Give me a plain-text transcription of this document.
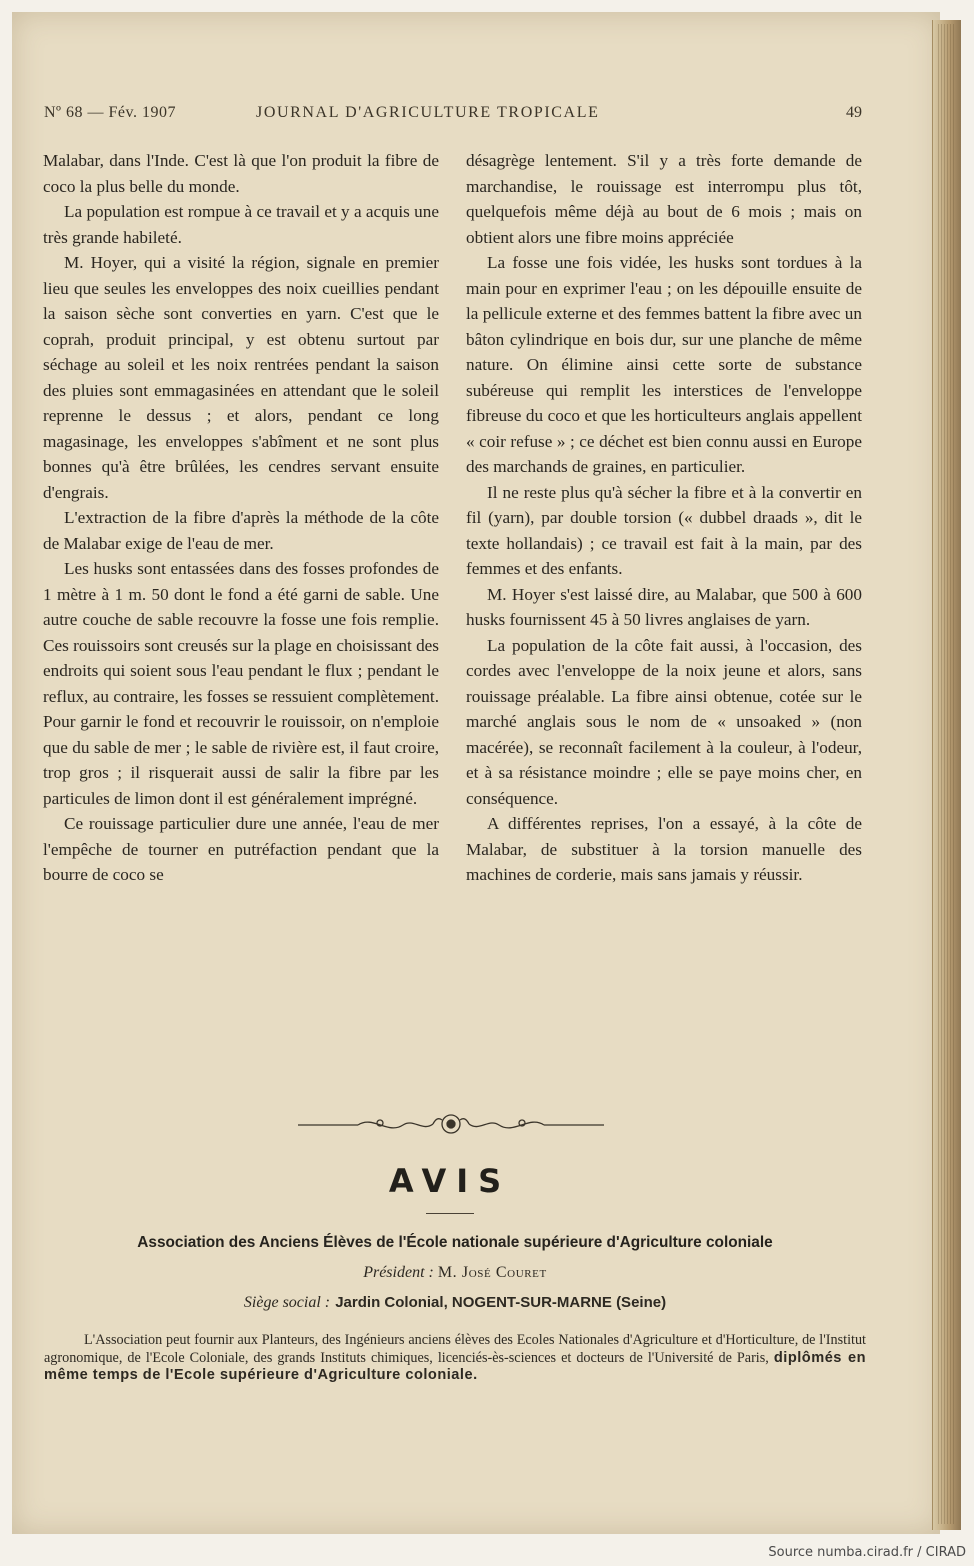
Nº 68 — Fév. 1907	JOURNAL D'AGRICULTURE TROPICALE	49

Malabar, dans l'Inde. C'est là que l'on produit la fibre de coco la plus belle du monde.

La population est rompue à ce travail et y a acquis une très grande habileté.

M. Hoyer, qui a visité la région, signale en premier lieu que seules les enveloppes des noix cueillies pendant la saison sèche sont converties en yarn. C'est que le coprah, produit principal, y est obtenu surtout par séchage au soleil et les noix rentrées pendant la saison des pluies sont emmagasinées en attendant que le soleil reprenne le dessus ; et alors, pendant ce long magasinage, les enveloppes s'abîment et ne sont plus bonnes qu'à être brûlées, les cendres servant ensuite d'engrais.

L'extraction de la fibre d'après la méthode de la côte de Malabar exige de l'eau de mer.

Les husks sont entassées dans des fosses profondes de 1 mètre à 1 m. 50 dont le fond a été garni de sable. Une autre couche de sable recouvre la fosse une fois remplie. Ces rouissoirs sont creusés sur la plage en choisissant des endroits qui soient sous l'eau pendant le flux ; pendant le reflux, au contraire, les fosses se ressuient complètement. Pour garnir le fond et recouvrir le rouissoir, on n'emploie que du sable de mer ; le sable de rivière est, il faut croire, trop gros ; il risquerait aussi de salir la fibre par les particules de limon dont il est généralement imprégné.

Ce rouissage particulier dure une année, l'eau de mer l'empêche de tourner en putréfaction pendant que la bourre de coco se

désagrège lentement. S'il y a très forte demande de marchandise, le rouissage est interrompu plus tôt, quelquefois même déjà au bout de 6 mois ; mais on obtient alors une fibre moins appréciée

La fosse une fois vidée, les husks sont tordues à la main pour en exprimer l'eau ; on les dépouille ensuite de la pellicule externe et des femmes battent la fibre avec un bâton cylindrique en bois dur, sur une planche de même nature. On élimine ainsi cette sorte de substance subéreuse qui remplit les interstices de l'enveloppe fibreuse du coco et que les horticulteurs anglais appellent « coir refuse » ; ce déchet est bien connu aussi en Europe des marchands de graines, en particulier.

Il ne reste plus qu'à sécher la fibre et à la convertir en fil (yarn), par double torsion (« dubbel draads », dit le texte hollandais) ; ce travail est fait à la main, par des femmes et des enfants.

M. Hoyer s'est laissé dire, au Malabar, que 500 à 600 husks fournissent 45 à 50 livres anglaises de yarn.

La population de la côte fait aussi, à l'occasion, des cordes avec l'enveloppe de la noix jeune et alors, sans rouissage préalable. La fibre ainsi obtenue, cotée sur le marché anglais sous le nom de « unsoaked » (non macérée), se reconnaît facilement à la couleur, à l'odeur, et à sa résistance moindre ; elle se paye moins cher, en conséquence.

A différentes reprises, l'on a essayé, à la côte de Malabar, de substituer à la torsion manuelle des machines de corderie, mais sans jamais y réussir.

AVIS
Association des Anciens Élèves de l'École nationale supérieure d'Agriculture coloniale
Président : M. José Couret
Siège social : Jardin Colonial, NOGENT-SUR-MARNE (Seine)
L'Association peut fournir aux Planteurs, des Ingénieurs anciens élèves des Ecoles Nationales d'Agriculture et d'Horticulture, de l'Institut agronomique, de l'Ecole Coloniale, des grands Instituts chimiques, licenciés-ès-sciences et docteurs de l'Université de Paris, diplômés en même temps de l'Ecole supérieure d'Agriculture coloniale.
Source numba.cirad.fr / CIRAD
